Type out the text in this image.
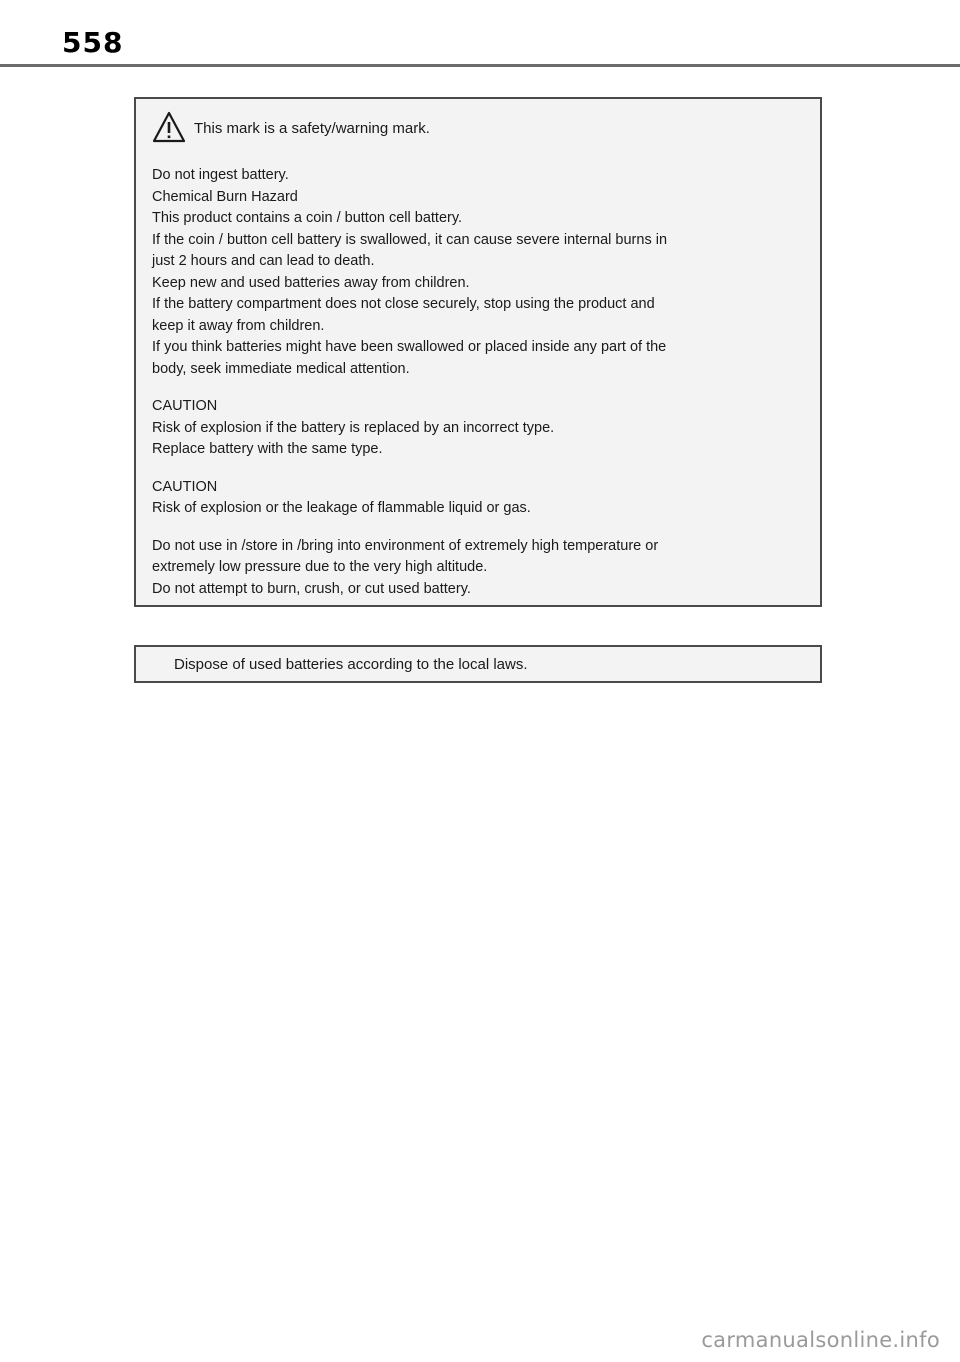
558
This mark is a safety/warning mark.

Do not ingest battery.

Chemical Burn Hazard

This product contains a coin / button cell battery.

If the coin / button cell battery is swallowed, it can cause severe internal burns in

just 2 hours and can lead to death.

Keep new and used batteries away from children.

If the battery compartment does not close securely, stop using the product and

keep it away from children.

If you think batteries might have been swallowed or placed inside any part of the

body, seek immediate medical attention.

CAUTION

Risk of explosion if the battery is replaced by an incorrect type.

Replace battery with the same type.

CAUTION

Risk of explosion or the leakage of flammable liquid or gas.

Do not use in /store in /bring into environment of extremely high temperature or

extremely low pressure due to the very high altitude.

Do not attempt to burn, crush, or cut used battery.

Dispose of used batteries according to the local laws.
carmanualsonline.info
